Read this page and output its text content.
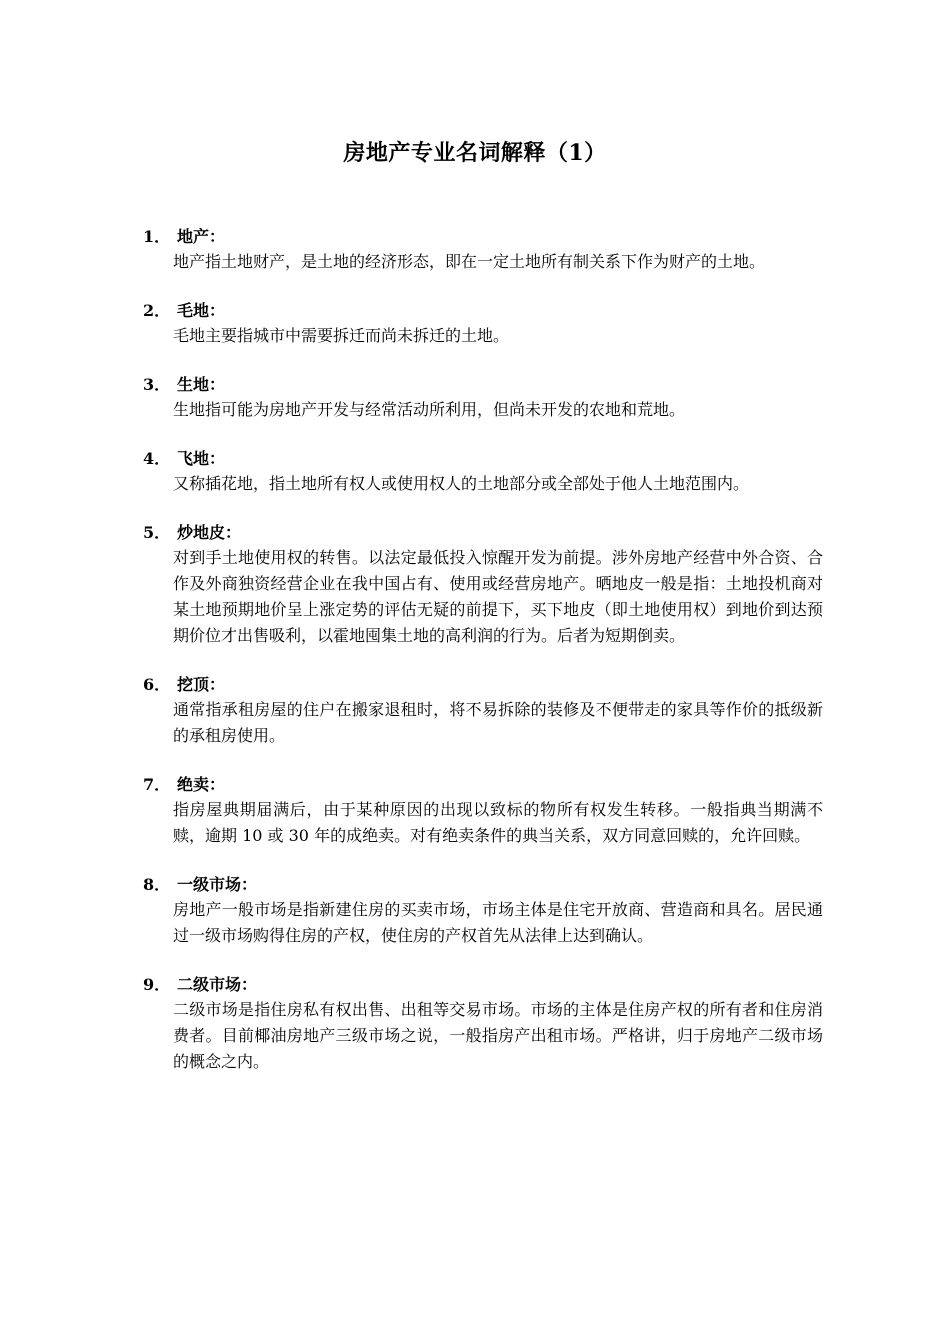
房地产专业名词解释（1）
1． 地产：
地产指土地财产，是土地的经济形态，即在一定土地所有制关系下作为财产的土地。
2． 毛地：
毛地主要指城市中需要拆迁而尚未拆迁的土地。
3． 生地：
生地指可能为房地产开发与经常活动所利用，但尚未开发的农地和荒地。
4． 飞地：
又称插花地，指土地所有权人或使用权人的土地部分或全部处于他人土地范围内。
5． 炒地皮：
对到手土地使用权的转售。以法定最低投入惊醒开发为前提。涉外房地产经营中外合资、合作及外商独资经营企业在我中国占有、使用或经营房地产。晒地皮一般是指：土地投机商对某土地预期地价呈上涨定势的评估无疑的前提下，买下地皮（即土地使用权）到地价到达预期价位才出售吸利，以霍地囤集土地的高利润的行为。后者为短期倒卖。
6． 挖顶：
通常指承租房屋的住户在搬家退租时，将不易拆除的装修及不便带走的家具等作价的抵级新的承租房使用。
7． 绝卖：
指房屋典期届满后，由于某种原因的出现以致标的物所有权发生转移。一般指典当期满不赎，逾期 10 或 30 年的成绝卖。对有绝卖条件的典当关系，双方同意回赎的，允许回赎。
8． 一级市场：
房地产一般市场是指新建住房的买卖市场，市场主体是住宅开放商、营造商和具名。居民通过一级市场购得住房的产权，使住房的产权首先从法律上达到确认。
9． 二级市场：
二级市场是指住房私有权出售、出租等交易市场。市场的主体是住房产权的所有者和住房消费者。目前椰油房地产三级市场之说，一般指房产出租市场。严格讲，归于房地产二级市场的概念之内。
